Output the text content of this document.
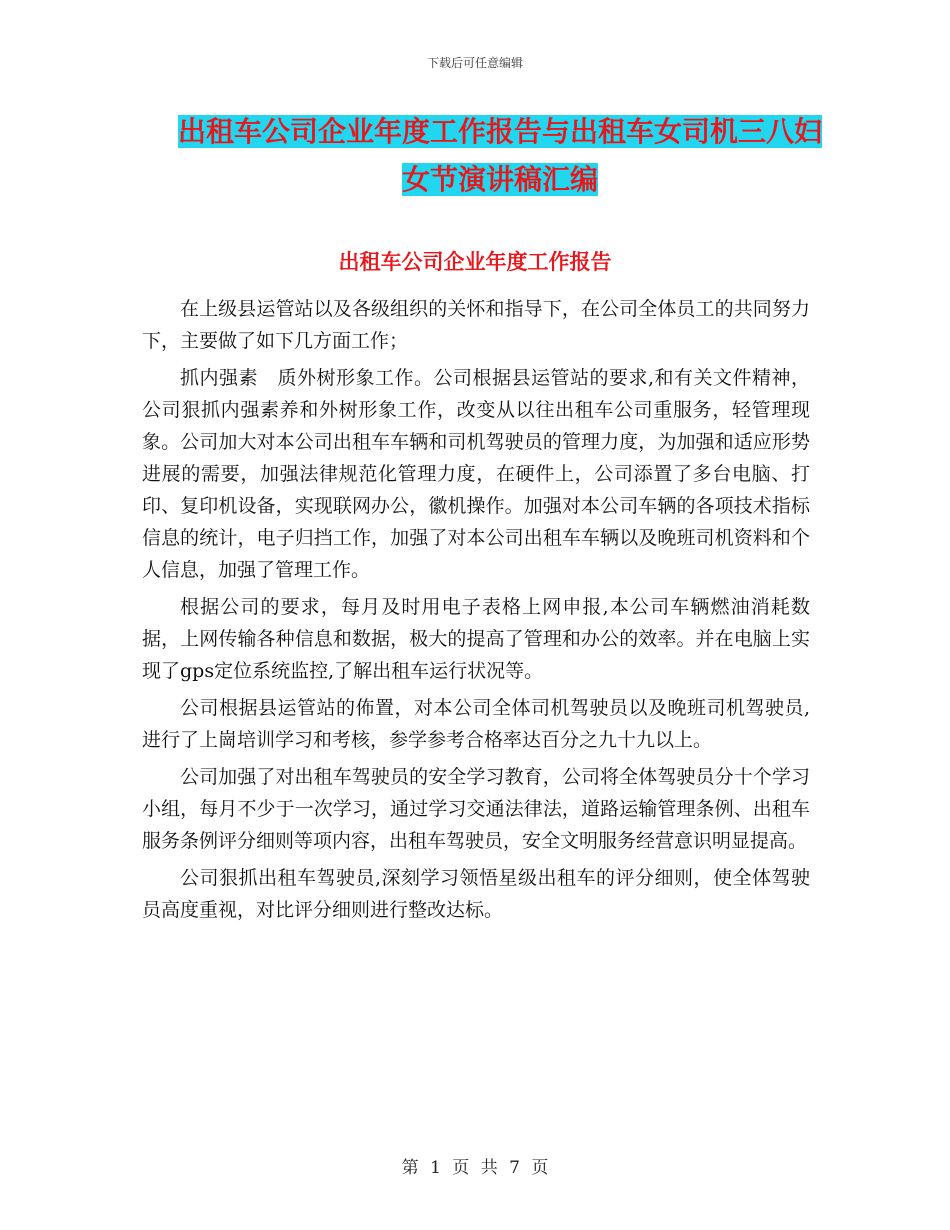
下载后可任意编辑
出租车公司企业年度工作报告与出租车女司机三八妇
女节演讲稿汇编
出租车公司企业年度工作报告

在上级县运管站以及各级组织的关怀和指导下，在公司全体员工的共同努力下，主要做了如下几方面工作；

抓内强素　质外树形象工作。公司根据县运管站的要求,和有关文件精神，公司狠抓内强素养和外树形象工作，改变从以往出租车公司重服务，轻管理现象。公司加大对本公司出租车车辆和司机驾驶员的管理力度，为加强和适应形势进展的需要，加强法律规范化管理力度，在硬件上，公司添置了多台电脑、打印、复印机设备，实现联网办公，徽机操作。加强对本公司车辆的各项技术指标信息的统计，电子归挡工作，加强了对本公司出租车车辆以及晚班司机资料和个人信息，加强了管理工作。

根据公司的要求，每月及时用电子表格上网申报,本公司车辆燃油消耗数据，上网传输各种信息和数据，极大的提高了管理和办公的效率。并在电脑上实现了gps定位系统监控,了解出租车运行状况等。

公司根据县运管站的佈置，对本公司全体司机驾驶员以及晚班司机驾驶员,进行了上崗培训学习和考核，参学参考合格率达百分之九十九以上。

公司加强了对出租车驾驶员的安全学习教育，公司将全体驾驶员分十个学习小组，每月不少于一次学习，通过学习交通法律法，道路运输管理条例、出租车服务条例评分细则等项内容，出租车驾驶员，安全文明服务经营意识明显提高。

公司狠抓出租车驾驶员,深刻学习领悟星级出租车的评分细则，使全体驾驶员高度重视，对比评分细则进行整改达标。

第 1 页 共 7 页
